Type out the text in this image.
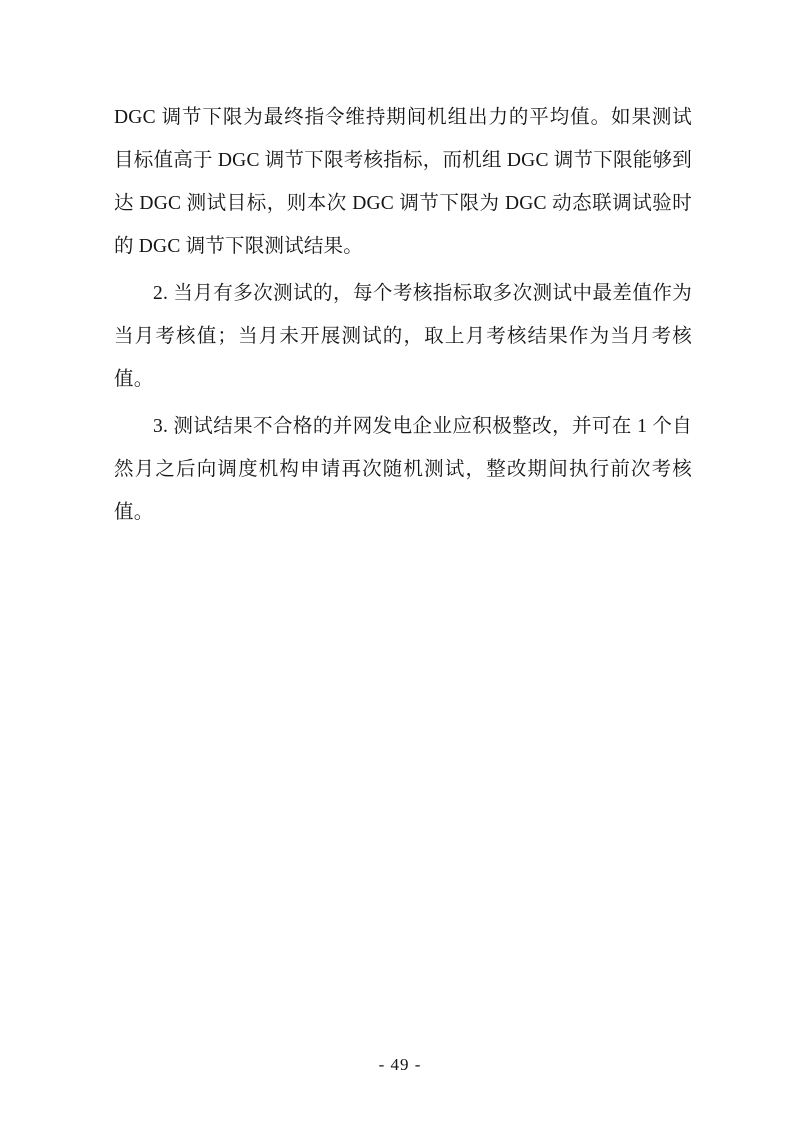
DGC 调节下限为最终指令维持期间机组出力的平均值。如果测试目标值高于 DGC 调节下限考核指标，而机组 DGC 调节下限能够到达 DGC 测试目标，则本次 DGC 调节下限为 DGC 动态联调试验时的 DGC 调节下限测试结果。

2. 当月有多次测试的，每个考核指标取多次测试中最差值作为当月考核值；当月未开展测试的，取上月考核结果作为当月考核值。

3. 测试结果不合格的并网发电企业应积极整改，并可在 1 个自然月之后向调度机构申请再次随机测试，整改期间执行前次考核值。

- 49 -
